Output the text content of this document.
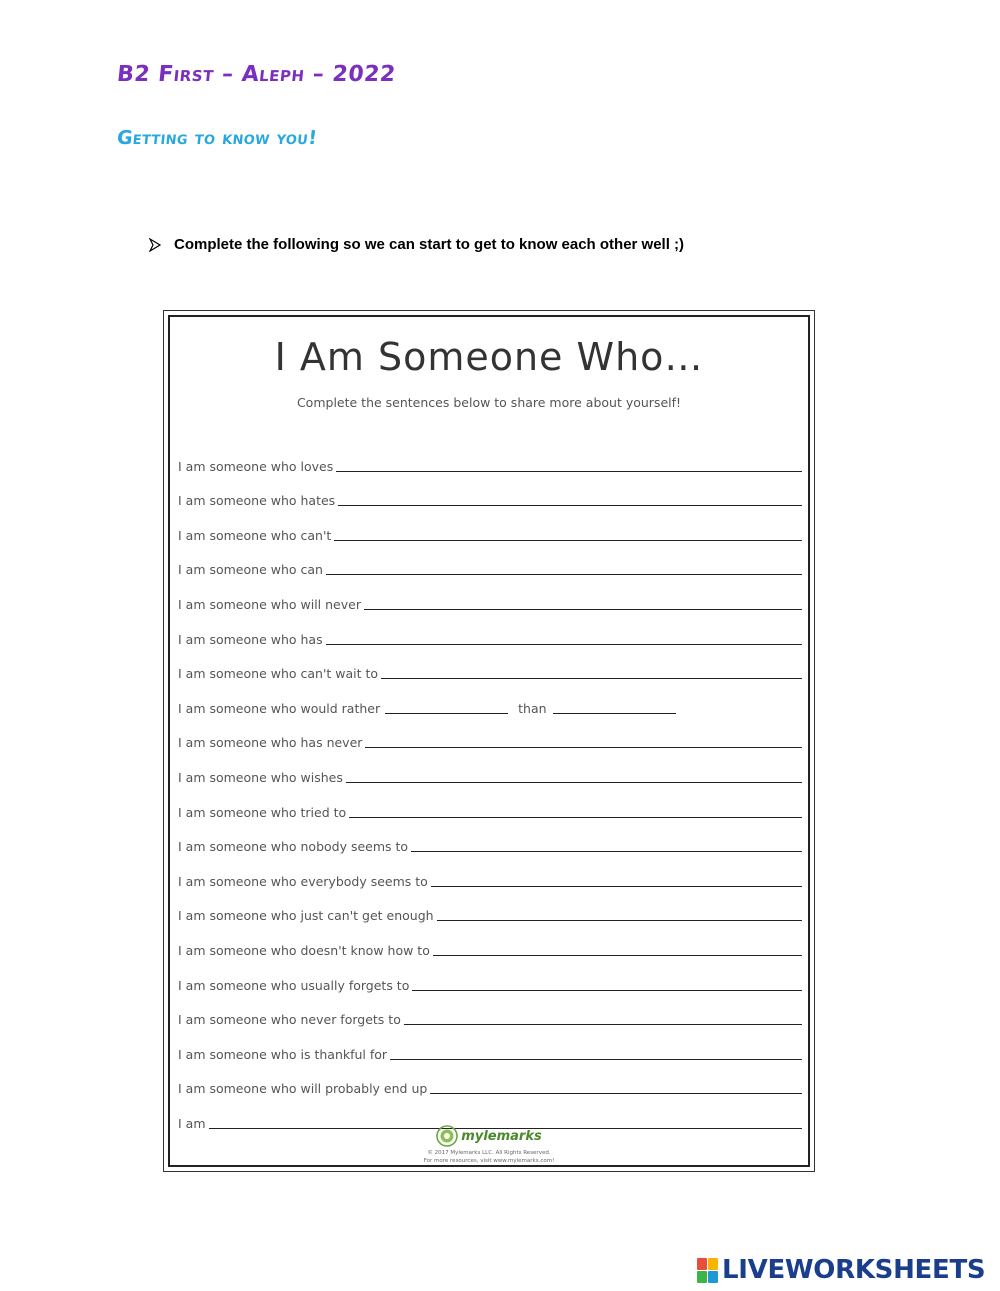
B2 First – Aleph – 2022
Getting to know you!
Complete the following so we can start to get to know each other well ;)
I Am Someone Who…
Complete the sentences below to share more about yourself!
I am someone who loves
I am someone who hates
I am someone who can't
I am someone who can
I am someone who will never
I am someone who has
I am someone who can't wait to
I am someone who would rather	than
I am someone who has never
I am someone who wishes
I am someone who tried to
I am someone who nobody seems to
I am someone who everybody seems to
I am someone who just can't get enough
I am someone who doesn't know how to
I am someone who usually forgets to
I am someone who never forgets to
I am someone who is thankful for
I am someone who will probably end up
I am
mylemarks
© 2017 Mylemarks LLC. All Rights Reserved.
For more resources, visit www.mylemarks.com!
LIVEWORKSHEETS
